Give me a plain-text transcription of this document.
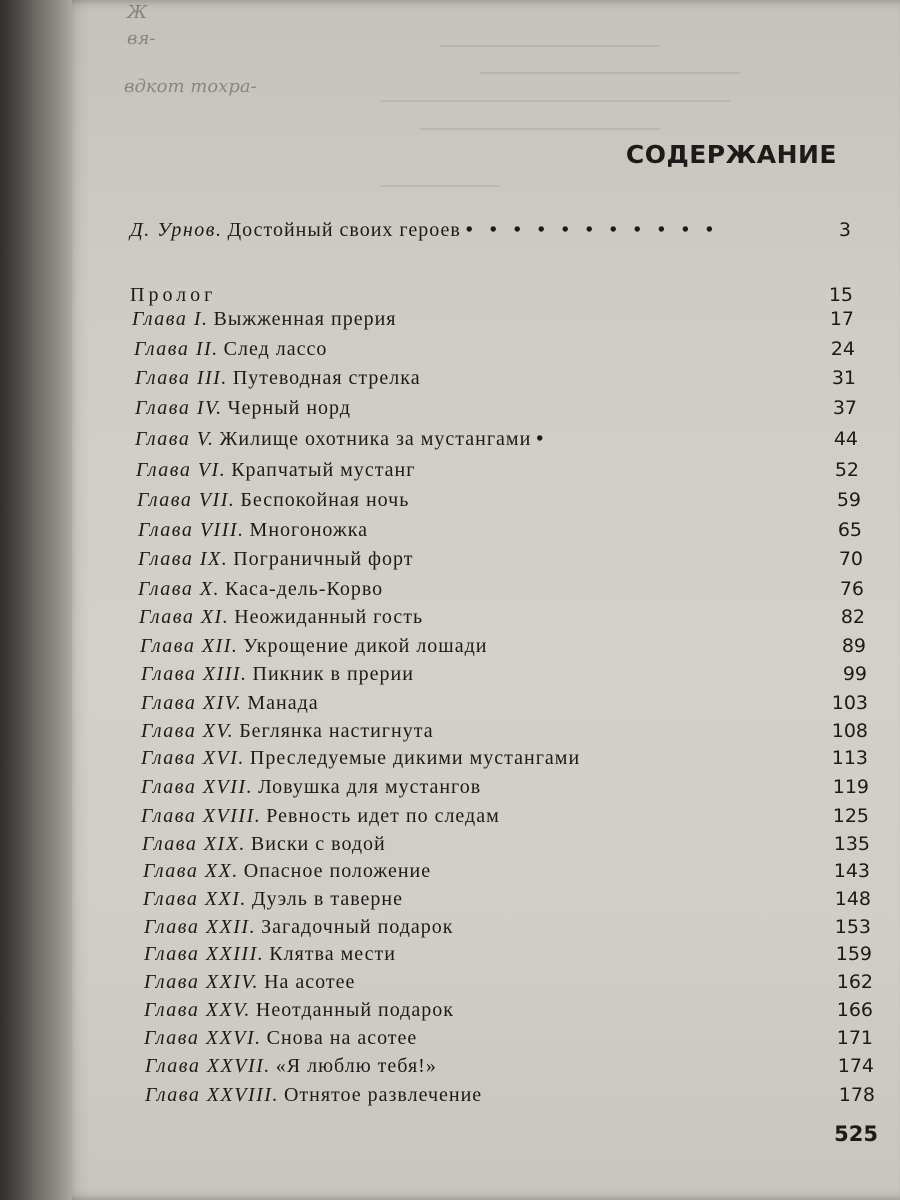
Ж
вя-
вдкот тохра-
СОДЕРЖАНИЕ
Д. Урнов. Достойный своих героев • • • • • • • • • • •	3
Пролог	15
Глава I. Выжженная прерия	17
Глава II. След лассо	24
Глава III. Путеводная стрелка	31
Глава IV. Черный норд	37
Глава V. Жилище охотника за мустангами •	44
Глава VI. Крапчатый мустанг	52
Глава VII. Беспокойная ночь	59
Глава VIII. Многоножка	65
Глава IX. Пограничный форт	70
Глава X. Каса-дель-Корво	76
Глава XI. Неожиданный гость	82
Глава XII. Укрощение дикой лошади	89
Глава XIII. Пикник в прерии	99
Глава XIV. Манада	103
Глава XV. Беглянка настигнута	108
Глава XVI. Преследуемые дикими мустангами	113
Глава XVII. Ловушка для мустангов	119
Глава XVIII. Ревность идет по следам	125
Глава XIX. Виски с водой	135
Глава XX. Опасное положение	143
Глава XXI. Дуэль в таверне	148
Глава XXII. Загадочный подарок	153
Глава XXIII. Клятва мести	159
Глава XXIV. На асотее	162
Глава XXV. Неотданный подарок	166
Глава XXVI. Снова на асотее	171
Глава XXVII. «Я люблю тебя!»	174
Глава XXVIII. Отнятое развлечение	178
525
